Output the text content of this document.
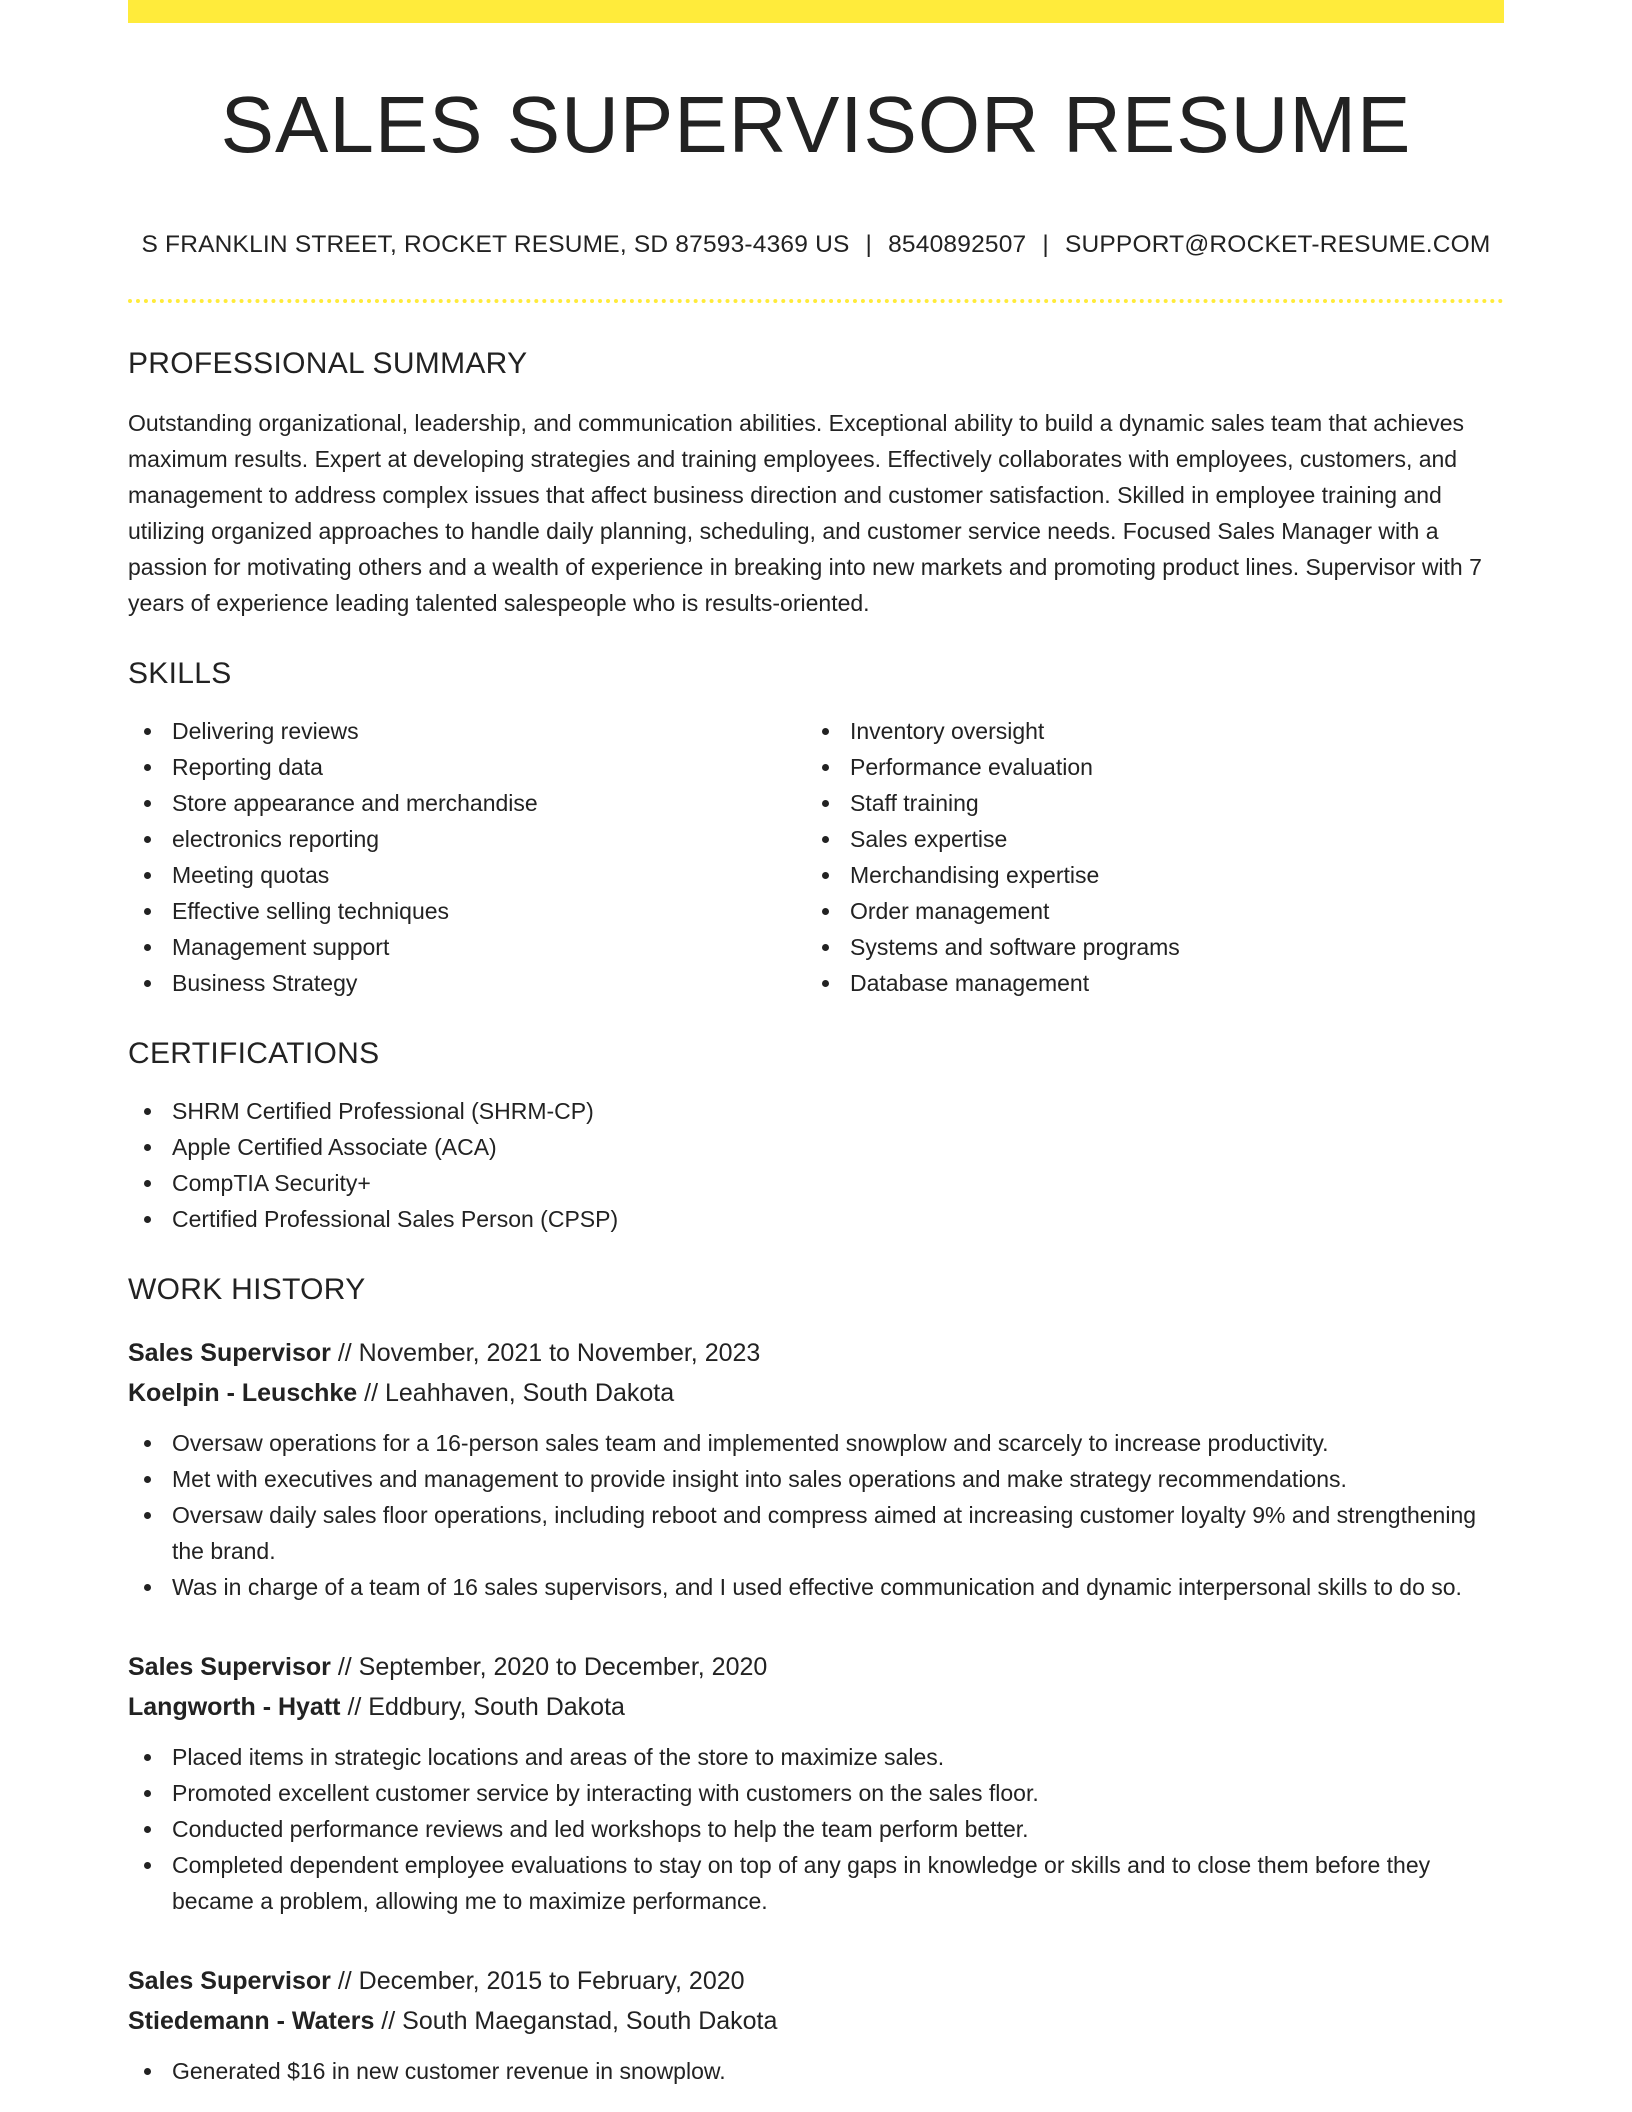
SALES SUPERVISOR RESUME
S FRANKLIN STREET, ROCKET RESUME, SD 87593-4369 US | 8540892507 | SUPPORT@ROCKET-RESUME.COM
PROFESSIONAL SUMMARY

Outstanding organizational, leadership, and communication abilities. Exceptional ability to build a dynamic sales team that achieves maximum results. Expert at developing strategies and training employees. Effectively collaborates with employees, customers, and management to address complex issues that affect business direction and customer satisfaction. Skilled in employee training and utilizing organized approaches to handle daily planning, scheduling, and customer service needs. Focused Sales Manager with a passion for motivating others and a wealth of experience in breaking into new markets and promoting product lines. Supervisor with 7 years of experience leading talented salespeople who is results-oriented.

SKILLS
Delivering reviews
Reporting data
Store appearance and merchandise
electronics reporting
Meeting quotas
Effective selling techniques
Management support
Business Strategy
Inventory oversight
Performance evaluation
Staff training
Sales expertise
Merchandising expertise
Order management
Systems and software programs
Database management
CERTIFICATIONS
SHRM Certified Professional (SHRM-CP)
Apple Certified Associate (ACA)
CompTIA Security+
Certified Professional Sales Person (CPSP)
WORK HISTORY
Sales Supervisor // November, 2021 to November, 2023
Koelpin - Leuschke // Leahhaven, South Dakota
Oversaw operations for a 16-person sales team and implemented snowplow and scarcely to increase productivity.
Met with executives and management to provide insight into sales operations and make strategy recommendations.
Oversaw daily sales floor operations, including reboot and compress aimed at increasing customer loyalty 9% and strengthening the brand.
Was in charge of a team of 16 sales supervisors, and I used effective communication and dynamic interpersonal skills to do so.
Sales Supervisor // September, 2020 to December, 2020
Langworth - Hyatt // Eddbury, South Dakota
Placed items in strategic locations and areas of the store to maximize sales.
Promoted excellent customer service by interacting with customers on the sales floor.
Conducted performance reviews and led workshops to help the team perform better.
Completed dependent employee evaluations to stay on top of any gaps in knowledge or skills and to close them before they became a problem, allowing me to maximize performance.
Sales Supervisor // December, 2015 to February, 2020
Stiedemann - Waters // South Maeganstad, South Dakota
Generated $16 in new customer revenue in snowplow.
